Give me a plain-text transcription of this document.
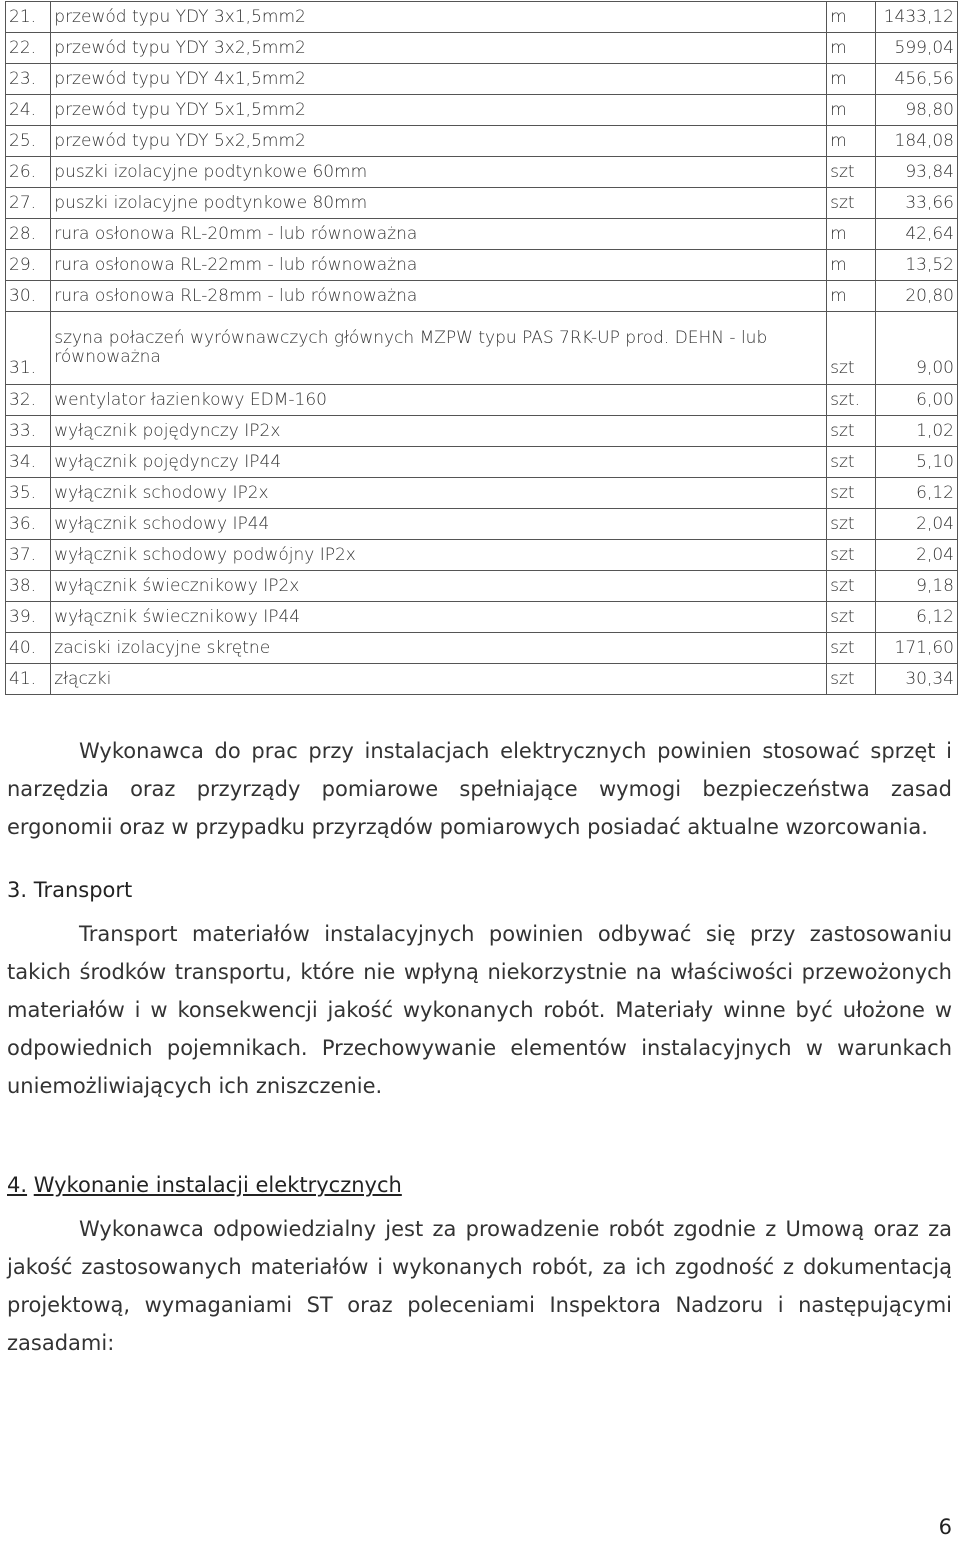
21.	przewód typu YDY 3x1,5mm2	m	1433,12
22.	przewód typu YDY 3x2,5mm2	m	599,04
23.	przewód typu YDY 4x1,5mm2	m	456,56
24.	przewód typu YDY 5x1,5mm2	m	98,80
25.	przewód typu YDY 5x2,5mm2	m	184,08
26.	puszki izolacyjne podtynkowe 60mm	szt	93,84
27.	puszki izolacyjne podtynkowe 80mm	szt	33,66
28.	rura osłonowa RL-20mm - lub równoważna	m	42,64
29.	rura osłonowa RL-22mm - lub równoważna	m	13,52
30.	rura osłonowa RL-28mm - lub równoważna	m	20,80
31.	szyna połaczeń wyrównawczych głównych MZPW typu PAS 7RK-UP prod. DEHN - lub równoważna	szt	9,00
32.	wentylator łazienkowy EDM-160	szt.	6,00
33.	wyłącznik pojędynczy IP2x	szt	1,02
34.	wyłącznik pojędynczy IP44	szt	5,10
35.	wyłącznik schodowy IP2x	szt	6,12
36.	wyłącznik schodowy IP44	szt	2,04
37.	wyłącznik schodowy podwójny IP2x	szt	2,04
38.	wyłącznik świecznikowy IP2x	szt	9,18
39.	wyłącznik świecznikowy IP44	szt	6,12
40.	zaciski izolacyjne skrętne	szt	171,60
41.	złączki	szt	30,34

Wykonawca do prac przy instalacjach elektrycznych powinien stosować sprzęt i narzędzia oraz przyrządy pomiarowe spełniające wymogi bezpieczeństwa zasad ergonomii oraz w przypadku przyrządów pomiarowych posiadać aktualne wzorcowania.

3. Transport

Transport materiałów instalacyjnych powinien odbywać się przy zastosowaniu takich środków transportu, które nie wpłyną niekorzystnie na właściwości przewożonych materiałów i w konsekwencji jakość wykonanych robót. Materiały winne być ułożone w odpowiednich pojemnikach. Przechowywanie elementów instalacyjnych w warunkach uniemożliwiających ich zniszczenie.

4. Wykonanie instalacji elektrycznych

Wykonawca odpowiedzialny jest za prowadzenie robót zgodnie z Umową oraz za jakość zastosowanych materiałów i wykonanych robót, za ich zgodność z dokumentacją projektową, wymaganiami ST oraz poleceniami Inspektora Nadzoru i następującymi zasadami:

6
